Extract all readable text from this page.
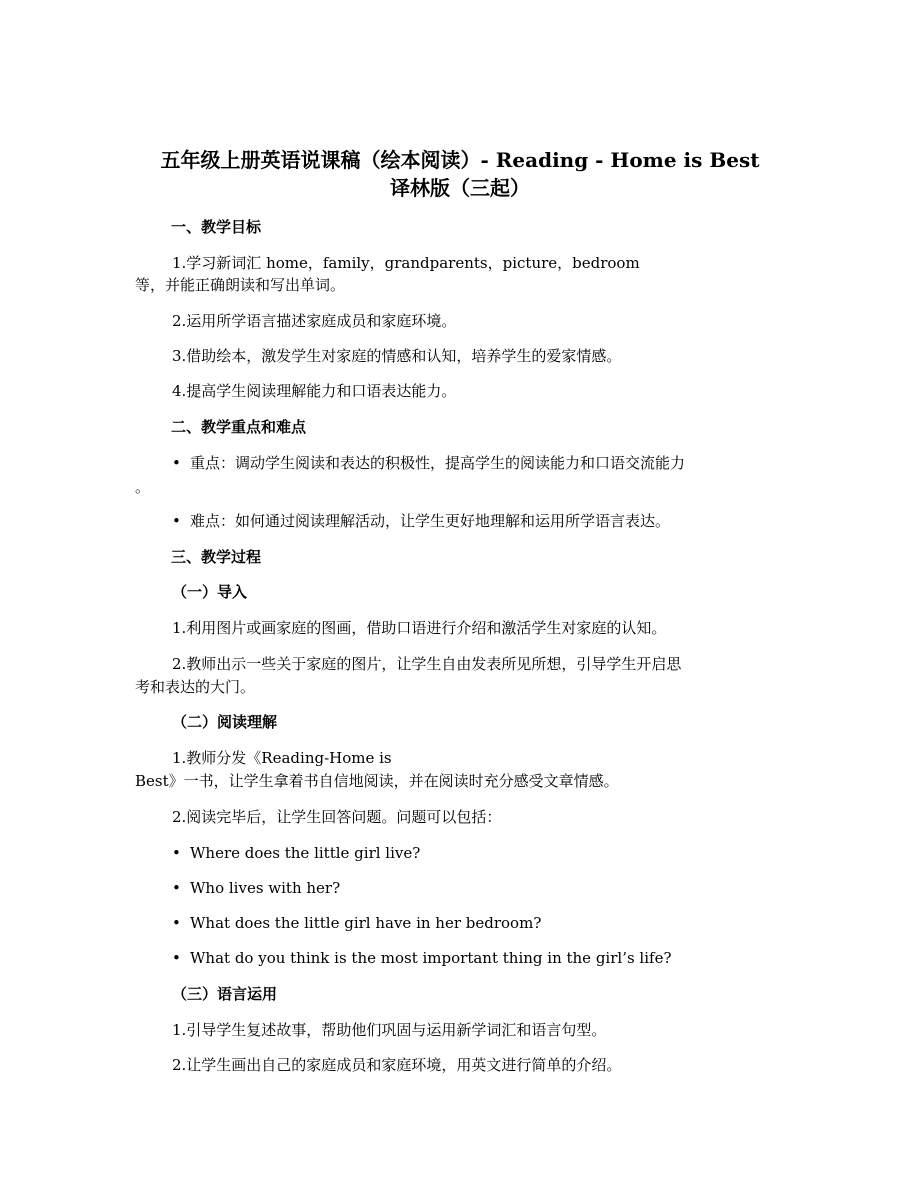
五年级上册英语说课稿（绘本阅读）- Reading - Home is Best
译林版（三起）
一、教学目标
1.学习新词汇 home，family，grandparents，picture，bedroom
等，并能正确朗读和写出单词。
2.运用所学语言描述家庭成员和家庭环境。
3.借助绘本，激发学生对家庭的情感和认知，培养学生的爱家情感。
4.提高学生阅读理解能力和口语表达能力。
二、教学重点和难点
• 重点：调动学生阅读和表达的积极性，提高学生的阅读能力和口语交流能力
。
• 难点：如何通过阅读理解活动，让学生更好地理解和运用所学语言表达。
三、教学过程
（一）导入
1.利用图片或画家庭的图画，借助口语进行介绍和激活学生对家庭的认知。
2.教师出示一些关于家庭的图片，让学生自由发表所见所想，引导学生开启思
考和表达的大门。
（二）阅读理解
1.教师分发《Reading-Home is
Best》一书，让学生拿着书自信地阅读，并在阅读时充分感受文章情感。
2.阅读完毕后，让学生回答问题。问题可以包括：
• Where does the little girl live?
• Who lives with her?
• What does the little girl have in her bedroom?
• What do you think is the most important thing in the girl’s life?
（三）语言运用
1.引导学生复述故事，帮助他们巩固与运用新学词汇和语言句型。
2.让学生画出自己的家庭成员和家庭环境，用英文进行简单的介绍。
